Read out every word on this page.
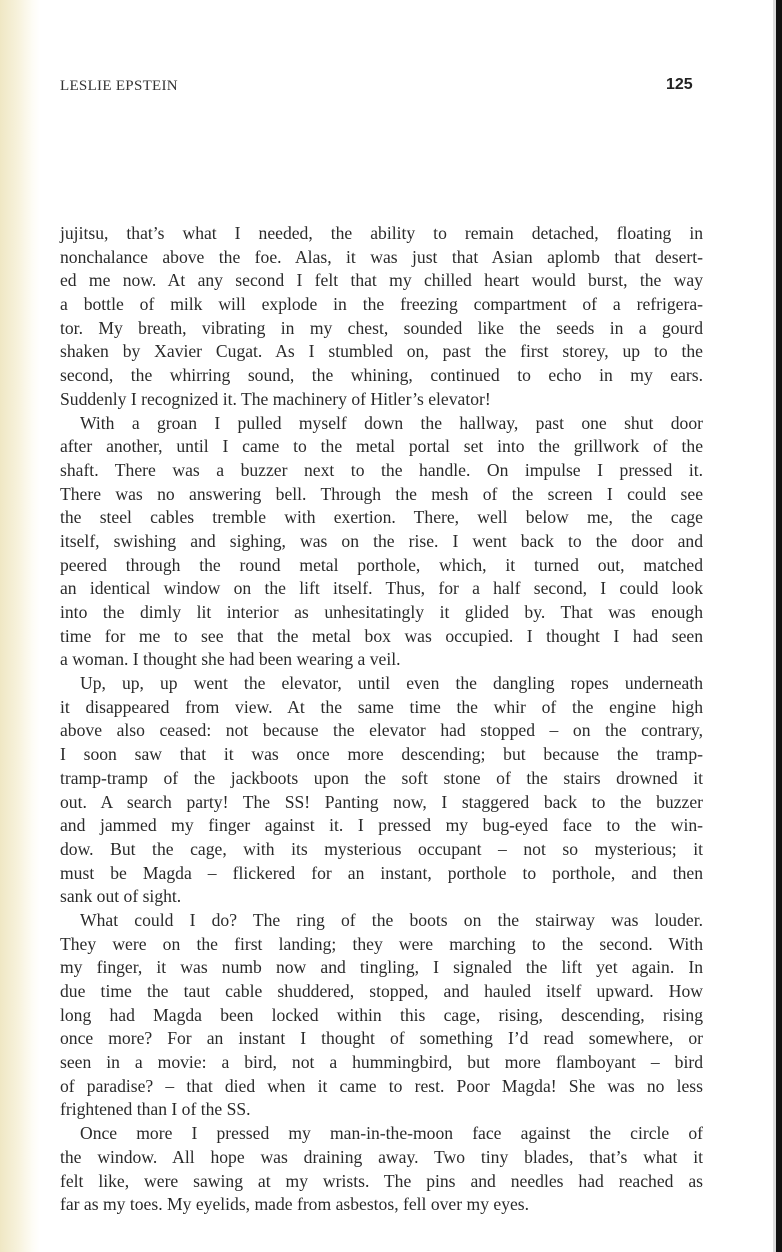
LESLIE EPSTEIN	125
jujitsu, that’s what I needed, the ability to remain detached, floating in
nonchalance above the foe. Alas, it was just that Asian aplomb that desert-
ed me now. At any second I felt that my chilled heart would burst, the way
a bottle of milk will explode in the freezing compartment of a refrigera-
tor. My breath, vibrating in my chest, sounded like the seeds in a gourd
shaken by Xavier Cugat. As I stumbled on, past the first storey, up to the
second, the whirring sound, the whining, continued to echo in my ears.
Suddenly I recognized it. The machinery of Hitler’s elevator!
With a groan I pulled myself down the hallway, past one shut door
after another, until I came to the metal portal set into the grillwork of the
shaft. There was a buzzer next to the handle. On impulse I pressed it.
There was no answering bell. Through the mesh of the screen I could see
the steel cables tremble with exertion. There, well below me, the cage
itself, swishing and sighing, was on the rise. I went back to the door and
peered through the round metal porthole, which, it turned out, matched
an identical window on the lift itself. Thus, for a half second, I could look
into the dimly lit interior as unhesitatingly it glided by. That was enough
time for me to see that the metal box was occupied. I thought I had seen
a woman. I thought she had been wearing a veil.
Up, up, up went the elevator, until even the dangling ropes underneath
it disappeared from view. At the same time the whir of the engine high
above also ceased: not because the elevator had stopped – on the contrary,
I soon saw that it was once more descending; but because the tramp-
tramp-tramp of the jackboots upon the soft stone of the stairs drowned it
out. A search party! The SS! Panting now, I staggered back to the buzzer
and jammed my finger against it. I pressed my bug-eyed face to the win-
dow. But the cage, with its mysterious occupant – not so mysterious; it
must be Magda – flickered for an instant, porthole to porthole, and then
sank out of sight.
What could I do? The ring of the boots on the stairway was louder.
They were on the first landing; they were marching to the second. With
my finger, it was numb now and tingling, I signaled the lift yet again. In
due time the taut cable shuddered, stopped, and hauled itself upward. How
long had Magda been locked within this cage, rising, descending, rising
once more? For an instant I thought of something I’d read somewhere, or
seen in a movie: a bird, not a hummingbird, but more flamboyant – bird
of paradise? – that died when it came to rest. Poor Magda! She was no less
frightened than I of the SS.
Once more I pressed my man-in-the-moon face against the circle of
the window. All hope was draining away. Two tiny blades, that’s what it
felt like, were sawing at my wrists. The pins and needles had reached as
far as my toes. My eyelids, made from asbestos, fell over my eyes.
